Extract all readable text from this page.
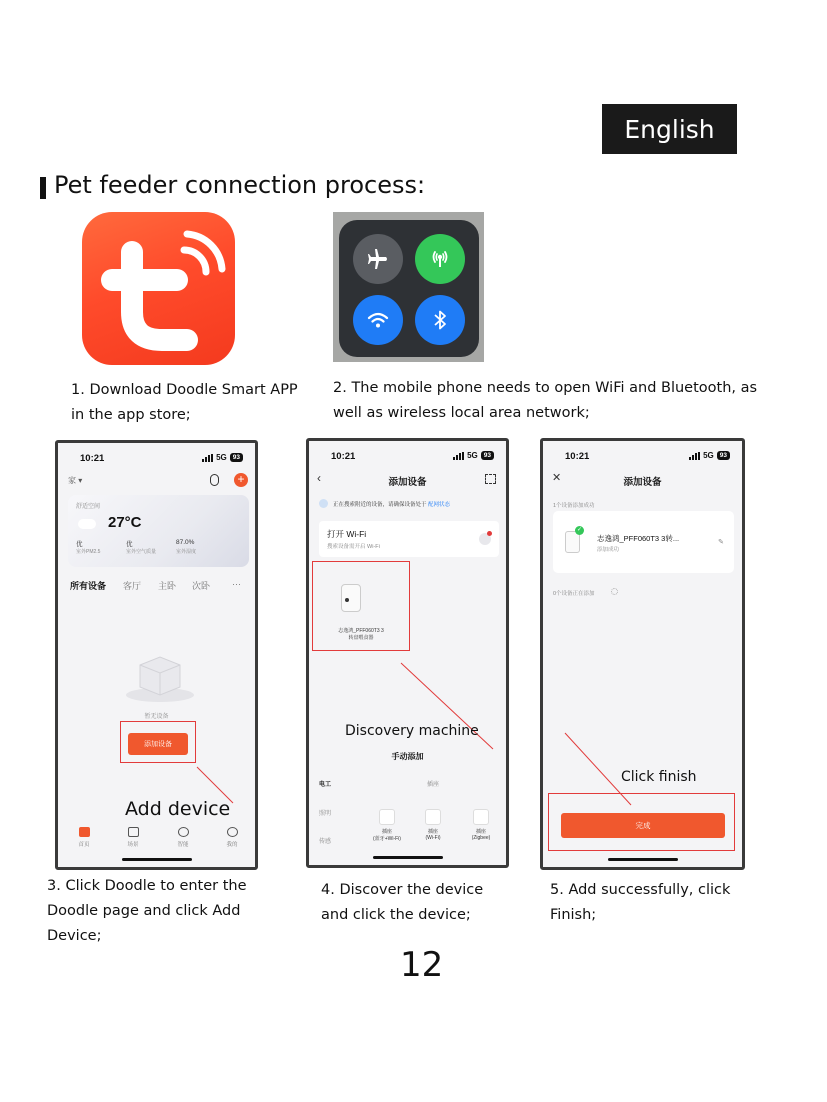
English
Pet feeder connection process:
1. Download Doodle Smart APP
in the app store;
2. The mobile phone needs to open WiFi and Bluetooth, as
well as wireless local area network;
10:21	5G 93
家 ▾	+
舒适空间
27°C
优	优	87.0%
室外PM2.5	室外空气质量	室外湿度
所有设备 客厅 主卧 次卧 ···
暂无设备
添加设备
Add device
首页	场景	智能	我的
10:21	5G 93
‹	添加设备
正在搜索附近的设备，请确保设备处于 配网状态
打开 Wi-Fi
搜索设备需开启 Wi-Fi
志逸鸿_PFF060T3 3
转盘喂食器
Discovery machine
手动添加
电工
照明
传感
插座
插座
(蓝牙+Wi-Fi)
插座
(Wi-Fi)
插座
(Zigbee)
10:21	5G 93
✕	添加设备
1个设备添加成功
✓
志逸鸿_PFF060T3 3转...
添加成功
✎
0个设备正在添加
Click finish
完成
3. Click Doodle to enter the
Doodle page and click Add
Device;
4. Discover the device
and click the device;
5. Add successfully, click
Finish;
12
